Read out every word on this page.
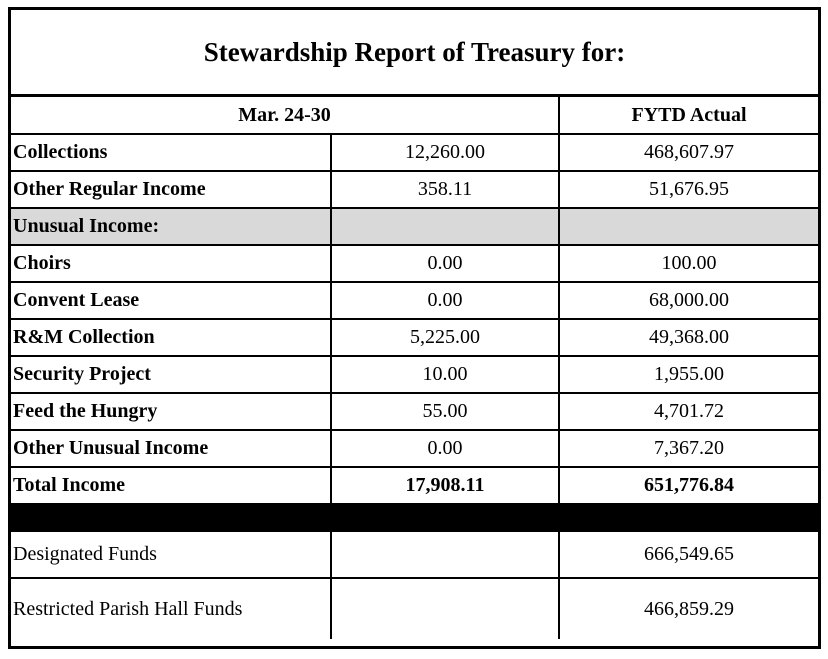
Stewardship Report of Treasury for:
Mar. 24-30		FYTD Actual
Collections	12,260.00	468,607.97
Other Regular Income	358.11	51,676.95
Unusual Income:		
Choirs	0.00	100.00
Convent Lease	0.00	68,000.00
R&M Collection	5,225.00	49,368.00
Security Project	10.00	1,955.00
Feed the Hungry	55.00	4,701.72
Other Unusual Income	0.00	7,367.20
Total Income	17,908.11	651,776.84

Designated Funds		666,549.65
Restricted Parish Hall Funds		466,859.29
